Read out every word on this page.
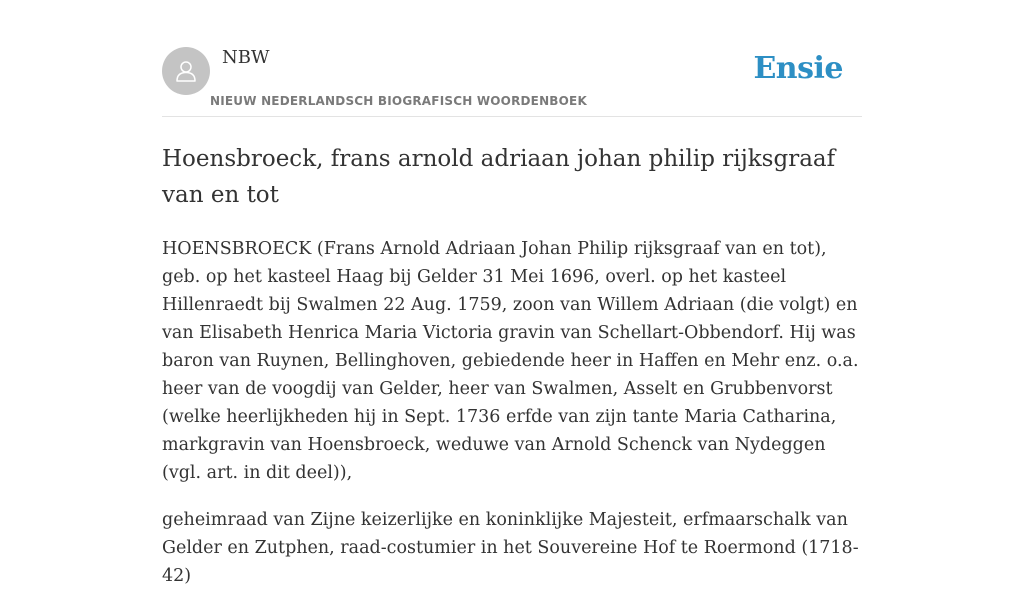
NBW
NIEUW NEDERLANDSCH BIOGRAFISCH WOORDENBOEK
Ensie
Hoensbroeck, frans arnold adriaan johan philip rijksgraaf van en tot

HOENSBROECK (Frans Arnold Adriaan Johan Philip rijksgraaf van en tot), geb. op het kasteel Haag bij Gelder 31 Mei 1696, overl. op het kasteel Hillenraedt bij Swalmen 22 Aug. 1759, zoon van Willem Adriaan (die volgt) en van Elisabeth Henrica Maria Victoria gravin van Schellart-Obbendorf. Hij was baron van Ruynen, Bellinghoven, gebiedende heer in Haffen en Mehr enz. o.a. heer van de voogdij van Gelder, heer van Swalmen, Asselt en Grubbenvorst (welke heerlijkheden hij in Sept. 1736 erfde van zijn tante Maria Catharina, markgravin van Hoensbroeck, weduwe van Arnold Schenck van Nydeggen (vgl. art. in dit deel)),

geheimraad van Zijne keizerlijke en koninklijke Majesteit, erfmaarschalk van Gelder en Zutphen, raad-costumier in het Souvereine Hof te Roermond (1718-42)
